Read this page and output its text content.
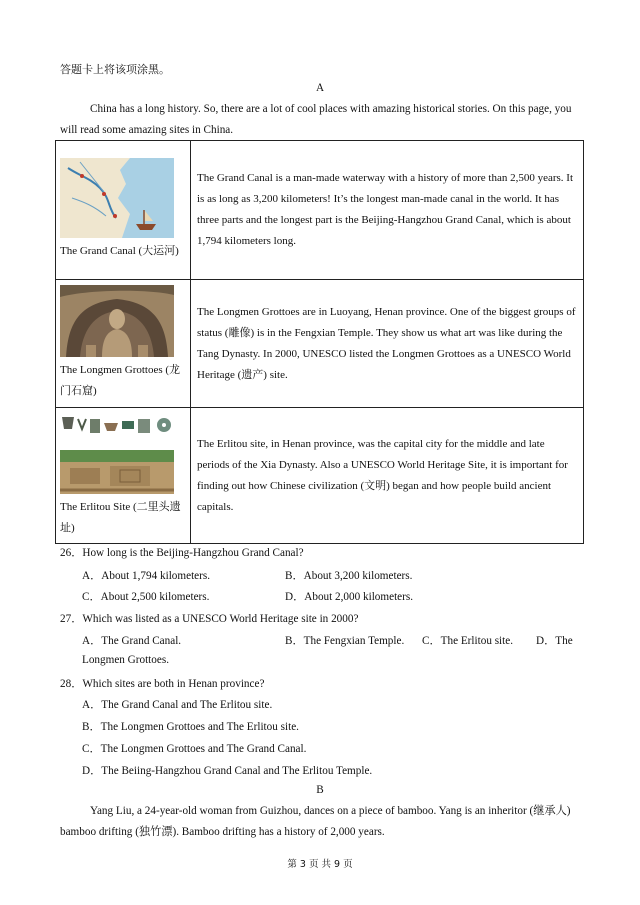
答题卡上将该项涂黑。
A
China has a long history. So, there are a lot of cool places with amazing historical stories. On this page, you will read some amazing sites in China.
The Grand Canal (大运河)	The Grand Canal is a man-made waterway with a history of more than 2,500 years. It is as long as 3,200 kilometers! It’s the longest man-made canal in the world. It has three parts and the longest part is the Beijing-Hangzhou Grand Canal, which is about 1,794 kilometers long.

The Longmen Grottoes (龙门石窟)	The Longmen Grottoes are in Luoyang, Henan province. One of the biggest groups of status (雕像) is in the Fengxian Temple. They show us what art was like during the Tang Dynasty. In 2000, UNESCO listed the Longmen Grottoes as a UNESCO World Heritage (遗产) site.

The Erlitou Site (二里头遗址)	The Erlitou site, in Henan province, was the capital city for the middle and late periods of the Xia Dynasty. Also a UNESCO World Heritage Site, it is important for finding out how Chinese civilization (文明) began and how people build ancient capitals.
26．How long is the Beijing-Hangzhou Grand Canal?
A．About 1,794 kilometers.	B．About 3,200 kilometers.
C．About 2,500 kilometers.	D．About 2,000 kilometers.
27．Which was listed as a UNESCO World Heritage site in 2000?
A．The Grand Canal.	B．The Fengxian Temple. C．The Erlitou site. D．The
Longmen Grottoes.
28．Which sites are both in Henan province?
A．The Grand Canal and The Erlitou site.
B．The Longmen Grottoes and The Erlitou site.
C．The Longmen Grottoes and The Grand Canal.
D．The Beiing-Hangzhou Grand Canal and The Erlitou Temple.
B
Yang Liu, a 24-year-old woman from Guizhou, dances on a piece of bamboo. Yang is an inheritor (继承人) bamboo drifting (独竹漂). Bamboo drifting has a history of 2,000 years.
第 3 页 共 9 页
